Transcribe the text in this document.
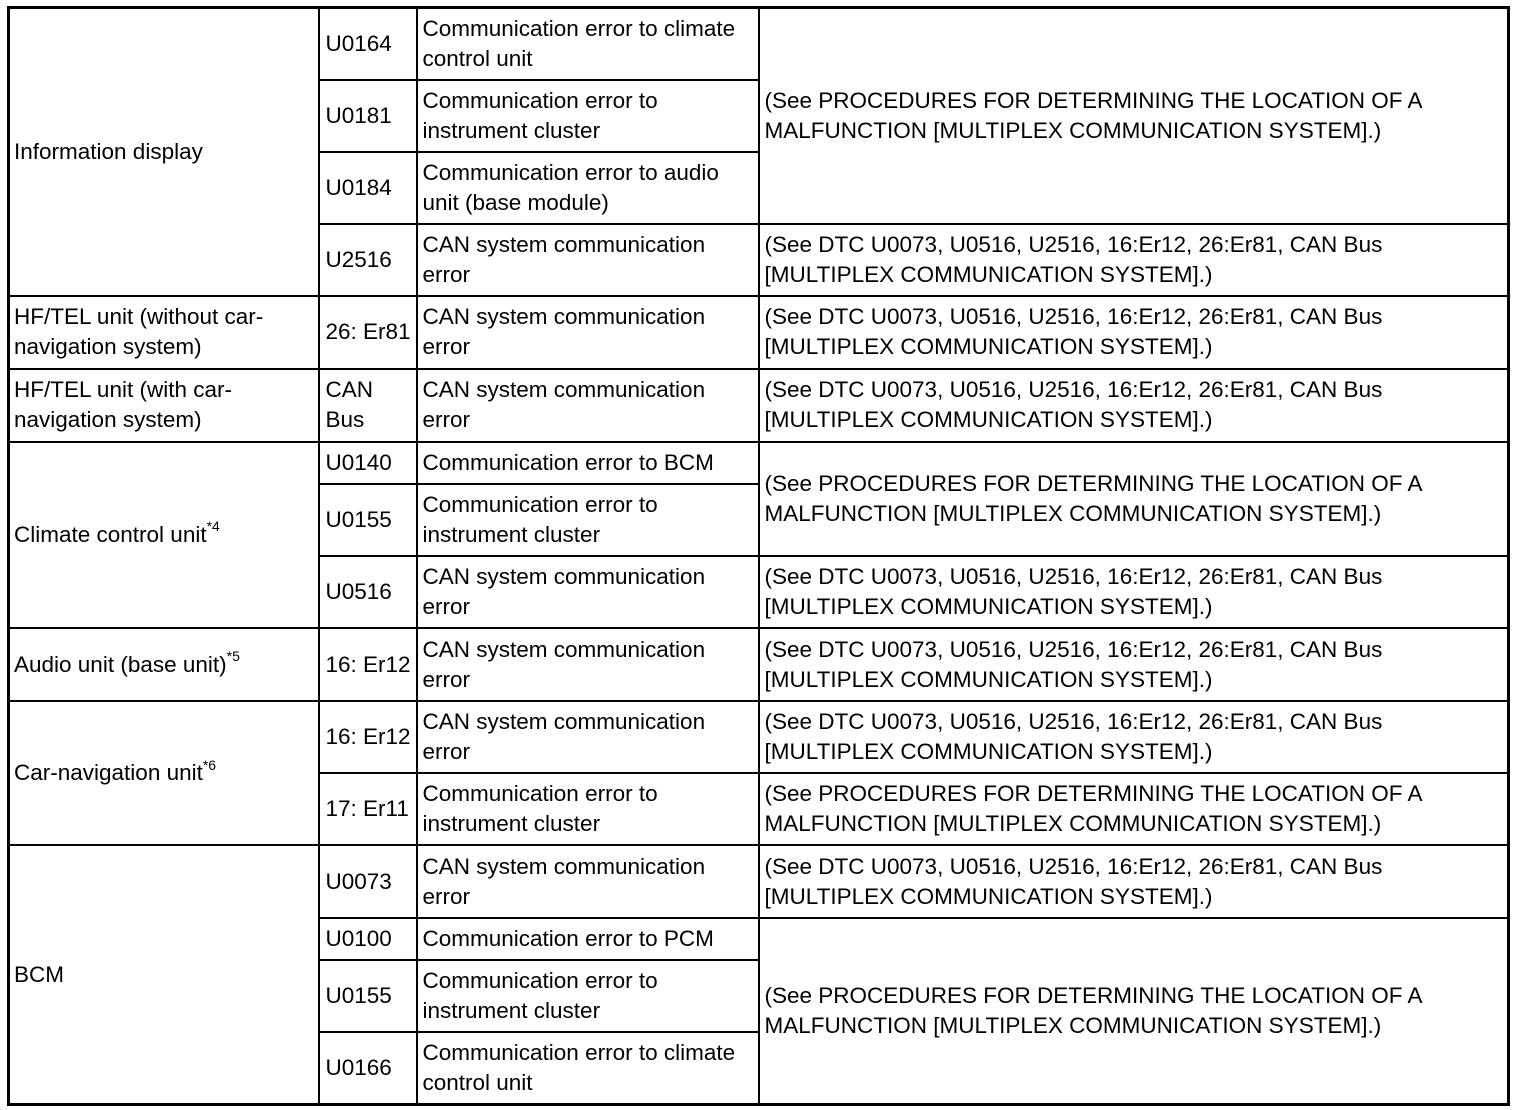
Information display	U0164	Communication error to climate control unit	(See PROCEDURES FOR DETERMINING THE LOCATION OF A MALFUNCTION [MULTIPLEX COMMUNICATION SYSTEM].)
	U0181	Communication error to instrument cluster	
	U0184	Communication error to audio unit (base module)	
	U2516	CAN system communication error	(See DTC U0073, U0516, U2516, 16:Er12, 26:Er81, CAN Bus [MULTIPLEX COMMUNICATION SYSTEM].)
HF/TEL unit (without car-navigation system)	26: Er81	CAN system communication error	(See DTC U0073, U0516, U2516, 16:Er12, 26:Er81, CAN Bus [MULTIPLEX COMMUNICATION SYSTEM].)
HF/TEL unit (with car-navigation system)	CAN Bus	CAN system communication error	(See DTC U0073, U0516, U2516, 16:Er12, 26:Er81, CAN Bus [MULTIPLEX COMMUNICATION SYSTEM].)
Climate control unit$^{*4}$	U0140	Communication error to BCM	(See PROCEDURES FOR DETERMINING THE LOCATION OF A MALFUNCTION [MULTIPLEX COMMUNICATION SYSTEM].)
	U0155	Communication error to instrument cluster	
	U0516	CAN system communication error	(See DTC U0073, U0516, U2516, 16:Er12, 26:Er81, CAN Bus [MULTIPLEX COMMUNICATION SYSTEM].)
Audio unit (base unit)$^{*5}$	16: Er12	CAN system communication error	(See DTC U0073, U0516, U2516, 16:Er12, 26:Er81, CAN Bus [MULTIPLEX COMMUNICATION SYSTEM].)
Car-navigation unit$^{*6}$	16: Er12	CAN system communication error	(See DTC U0073, U0516, U2516, 16:Er12, 26:Er81, CAN Bus [MULTIPLEX COMMUNICATION SYSTEM].)
	17: Er11	Communication error to instrument cluster	(See PROCEDURES FOR DETERMINING THE LOCATION OF A MALFUNCTION [MULTIPLEX COMMUNICATION SYSTEM].)
BCM	U0073	CAN system communication error	(See DTC U0073, U0516, U2516, 16:Er12, 26:Er81, CAN Bus [MULTIPLEX COMMUNICATION SYSTEM].)
	U0100	Communication error to PCM	(See PROCEDURES FOR DETERMINING THE LOCATION OF A MALFUNCTION [MULTIPLEX COMMUNICATION SYSTEM].)
	U0155	Communication error to instrument cluster	
	U0166	Communication error to climate control unit	
